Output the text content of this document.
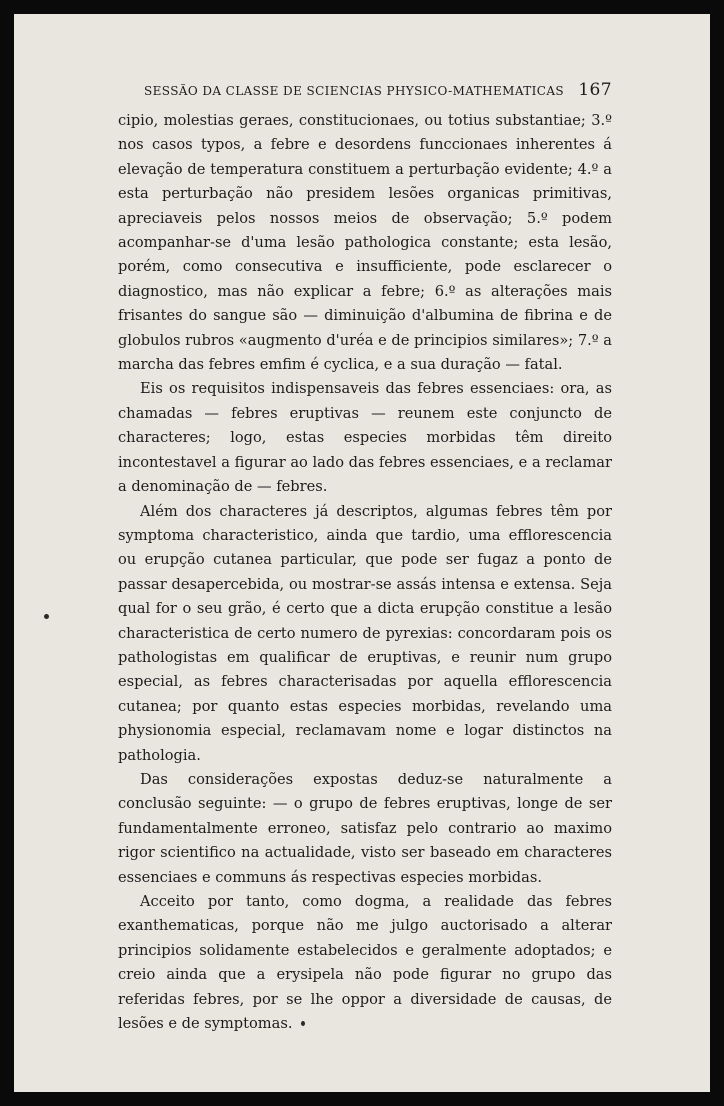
SESSÃO DA CLASSE DE SCIENCIAS PHYSICO-MATHEMATICAS 167

cipio, molestias geraes, constitucionaes, ou totius substantiae; 3.º nos casos typos, a febre e desordens funccionaes inherentes á elevação de temperatura constituem a perturbação evidente; 4.º a esta perturbação não presidem lesões organicas primitivas, apreciaveis pelos nossos meios de observação; 5.º podem acompanhar-se d'uma lesão pathologica constante; esta lesão, porém, como consecutiva e insufficiente, pode esclarecer o diagnostico, mas não explicar a febre; 6.º as alterações mais frisantes do sangue são — diminuição d'albumina de fibrina e de globulos rubros «augmento d'uréa e de principios similares»; 7.º a marcha das febres emfim é cyclica, e a sua duração — fatal.

Eis os requisitos indispensaveis das febres essenciaes: ora, as chamadas — febres eruptivas — reunem este conjuncto de characteres; logo, estas especies morbidas têm direito incontestavel a figurar ao lado das febres essenciaes, e a reclamar a denominação de — febres.

Além dos characteres já descriptos, algumas febres têm por symptoma characteristico, ainda que tardio, uma efflorescencia ou erupção cutanea particular, que pode ser fugaz a ponto de passar desapercebida, ou mostrar-se assás intensa e extensa. Seja qual for o seu grão, é certo que a dicta erupção constitue a lesão characteristica de certo numero de pyrexias: concordaram pois os pathologistas em qualificar de eruptivas, e reunir num grupo especial, as febres characterisadas por aquella efflorescencia cutanea; por quanto estas especies morbidas, revelando uma physionomia especial, reclamavam nome e logar distinctos na pathologia.

Das considerações expostas deduz-se naturalmente a conclusão seguinte: — o grupo de febres eruptivas, longe de ser fundamentalmente erroneo, satisfaz pelo contrario ao maximo rigor scientifico na actualidade, visto ser baseado em characteres essenciaes e communs ás respectivas especies morbidas.

Acceito por tanto, como dogma, a realidade das febres exanthematicas, porque não me julgo auctorisado a alterar principios solidamente estabelecidos e geralmente adoptados; e creio ainda que a erysipela não pode figurar no grupo das referidas febres, por se lhe oppor a diversidade de causas, de lesões e de symptomas.
